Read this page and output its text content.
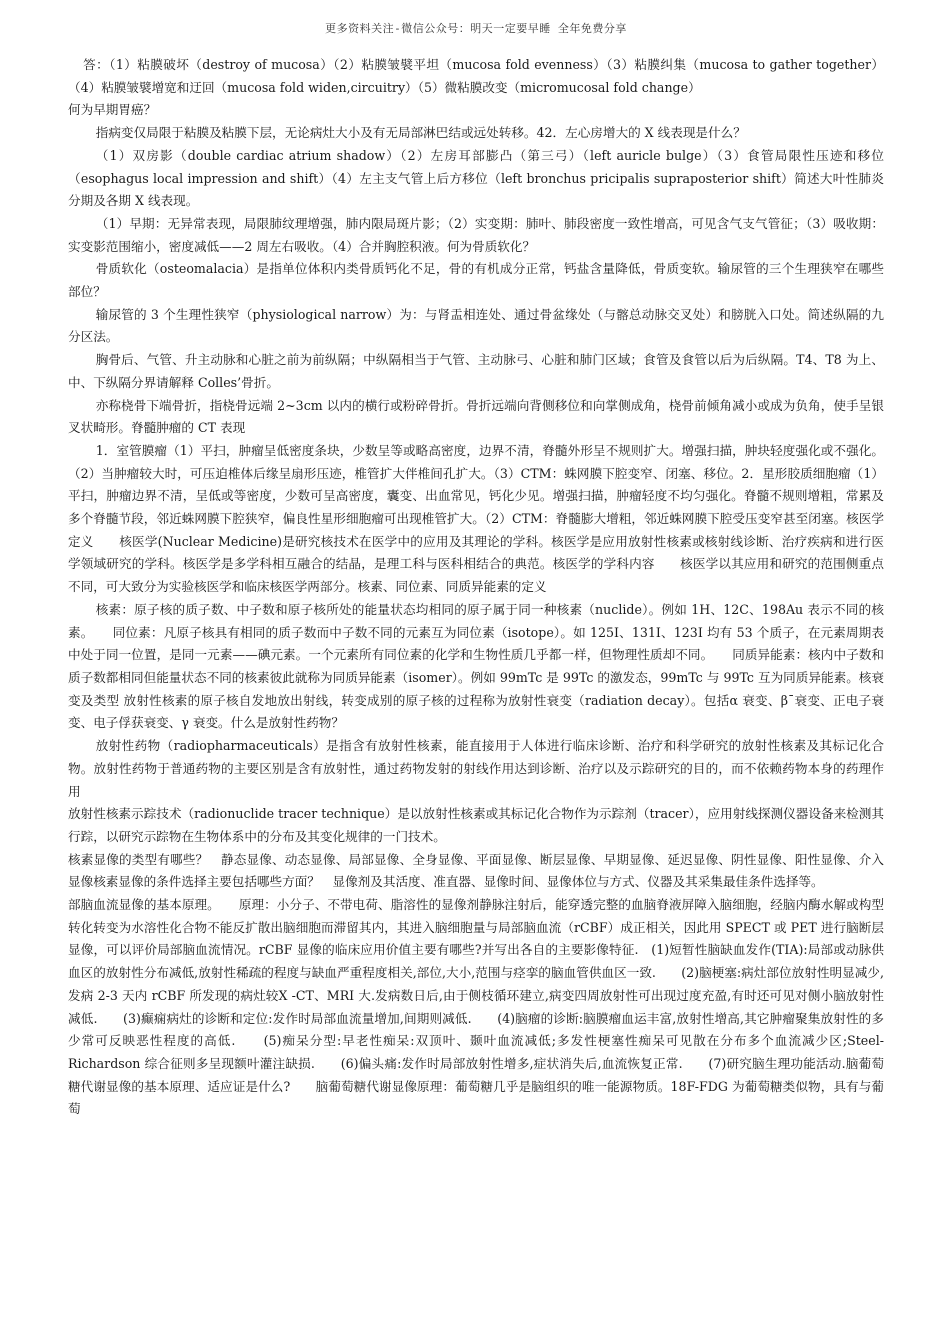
更多资料关注-微信公众号：明天一定要早睡 全年免费分享

答：（1）粘膜破坏（destroy of mucosa）（2）粘膜皱襞平坦（mucosa fold evenness）（3）粘膜纠集（mucosa to gather together）（4）粘膜皱襞增宽和迂回（mucosa fold widen,circuitry）（5）微粘膜改变（micromucosal fold change）

何为早期胃癌？

指病变仅局限于粘膜及粘膜下层，无论病灶大小及有无局部淋巴结或远处转移。42．左心房增大的 X 线表现是什么？

（1）双房影（double cardiac atrium shadow）（2）左房耳部膨凸（第三弓）（left auricle bulge）（3）食管局限性压迹和移位（esophagus local impression and shift）（4）左主支气管上后方移位（left bronchus pricipalis supraposterior shift）简述大叶性肺炎分期及各期 X 线表现。

（1）早期：无异常表现，局限肺纹理增强，肺内限局斑片影；（2）实变期：肺叶、肺段密度一致性增高，可见含气支气管征；（3）吸收期：实变影范围缩小，密度减低——2 周左右吸收。（4）合并胸腔积液。何为骨质软化？

骨质软化（osteomalacia）是指单位体积内类骨质钙化不足，骨的有机成分正常，钙盐含量降低，骨质变软。输尿管的三个生理狭窄在哪些部位？

输尿管的 3 个生理性狭窄（physiological narrow）为：与肾盂相连处、通过骨盆缘处（与髂总动脉交叉处）和膀胱入口处。简述纵隔的九分区法。

胸骨后、气管、升主动脉和心脏之前为前纵隔；中纵隔相当于气管、主动脉弓、心脏和肺门区域；食管及食管以后为后纵隔。T4、T8 为上、中、下纵隔分界请解释 Colles’骨折。

亦称桡骨下端骨折，指桡骨远端 2~3cm 以内的横行或粉碎骨折。骨折远端向背侧移位和向掌侧成角，桡骨前倾角减小或成为负角，使手呈银叉状畸形。脊髓肿瘤的 CT 表现

1．室管膜瘤（1）平扫，肿瘤呈低密度条块，少数呈等或略高密度，边界不清，脊髓外形呈不规则扩大。增强扫描，肿块轻度强化或不强化。（2）当肿瘤较大时，可压迫椎体后缘呈扇形压迹，椎管扩大伴椎间孔扩大。（3）CTM：蛛网膜下腔变窄、闭塞、移位。2．星形胶质细胞瘤（1）平扫，肿瘤边界不清，呈低或等密度，少数可呈高密度，囊变、出血常见，钙化少见。增强扫描，肿瘤轻度不均匀强化。脊髓不规则增粗，常累及多个脊髓节段，邻近蛛网膜下腔狭窄，偏良性星形细胞瘤可出现椎管扩大。（2）CTM：脊髓膨大增粗，邻近蛛网膜下腔受压变窄甚至闭塞。核医学定义　　核医学(Nuclear Medicine)是研究核技术在医学中的应用及其理论的学科。核医学是应用放射性核素或核射线诊断、治疗疾病和进行医学领域研究的学科。核医学是多学科相互融合的结晶，是理工科与医科相结合的典范。核医学的学科内容　　核医学以其应用和研究的范围侧重点不同，可大致分为实验核医学和临床核医学两部分。核素、同位素、同质异能素的定义

核素：原子核的质子数、中子数和原子核所处的能量状态均相同的原子属于同一种核素（nuclide）。例如 1H、12C、198Au 表示不同的核素。　　同位素：凡原子核具有相同的质子数而中子数不同的元素互为同位素（isotope）。如 125I、131I、123I 均有 53 个质子，在元素周期表中处于同一位置，是同一元素——碘元素。一个元素所有同位素的化学和生物性质几乎都一样，但物理性质却不同。　　同质异能素：核内中子数和质子数都相同但能量状态不同的核素彼此就称为同质异能素（isomer）。例如 99mTc 是 99Tc 的激发态，99mTc 与 99Tc 互为同质异能素。核衰变及类型 放射性核素的原子核自发地放出射线，转变成别的原子核的过程称为放射性衰变（radiation decay）。包括α 衰变、β¯衰变、正电子衰变、电子俘获衰变、γ 衰变。什么是放射性药物？

放射性药物（radiopharmaceuticals）是指含有放射性核素，能直接用于人体进行临床诊断、治疗和科学研究的放射性核素及其标记化合物。放射性药物于普通药物的主要区别是含有放射性，通过药物发射的射线作用达到诊断、治疗以及示踪研究的目的，而不依赖药物本身的药理作用

放射性核素示踪技术（radionuclide tracer technique）是以放射性核素或其标记化合物作为示踪剂（tracer），应用射线探测仪器设备来检测其行踪，以研究示踪物在生物体系中的分布及其变化规律的一门技术。

核素显像的类型有哪些？　静态显像、动态显像、局部显像、全身显像、平面显像、断层显像、早期显像、延迟显像、阴性显像、阳性显像、介入显像核素显像的条件选择主要包括哪些方面？　显像剂及其活度、准直器、显像时间、显像体位与方式、仪器及其采集最佳条件选择等。

部脑血流显像的基本原理。　　原理：小分子、不带电荷、脂溶性的显像剂静脉注射后，能穿透完整的血脑脊液屏障入脑细胞，经脑内酶水解或构型转化转变为水溶性化合物不能反扩散出脑细胞而滞留其内，其进入脑细胞量与局部脑血流（rCBF）成正相关，因此用 SPECT 或 PET 进行脑断层显像，可以评价局部脑血流情况。rCBF 显像的临床应用价值主要有哪些?并写出各自的主要影像特征.　(1)短暂性脑缺血发作(TIA):局部或动脉供血区的放射性分布减低,放射性稀疏的程度与缺血严重程度相关,部位,大小,范围与痉挛的脑血管供血区一致.　　(2)脑梗塞:病灶部位放射性明显减少,发病 2-3 天内 rCBF 所发现的病灶较X -CT、MRI 大.发病数日后,由于侧枝循环建立,病变四周放射性可出现过度充盈,有时还可见对侧小脑放射性减低.　　(3)癫痫病灶的诊断和定位:发作时局部血流量增加,间期则减低.　　(4)脑瘤的诊断:脑膜瘤血运丰富,放射性增高,其它肿瘤聚集放射性的多少常可反映恶性程度的高低.　　(5)痴呆分型:早老性痴呆:双顶叶、颞叶血流减低;多发性梗塞性痴呆可见散在分布多个血流减少区;Steel-Richardson 综合征则多呈现额叶灌注缺损.　　(6)偏头痛:发作时局部放射性增多,症状消失后,血流恢复正常.　　(7)研究脑生理功能活动.脑葡萄糖代谢显像的基本原理、适应证是什么?　　脑葡萄糖代谢显像原理：葡萄糖几乎是脑组织的唯一能源物质。18F-FDG 为葡萄糖类似物，具有与葡萄
